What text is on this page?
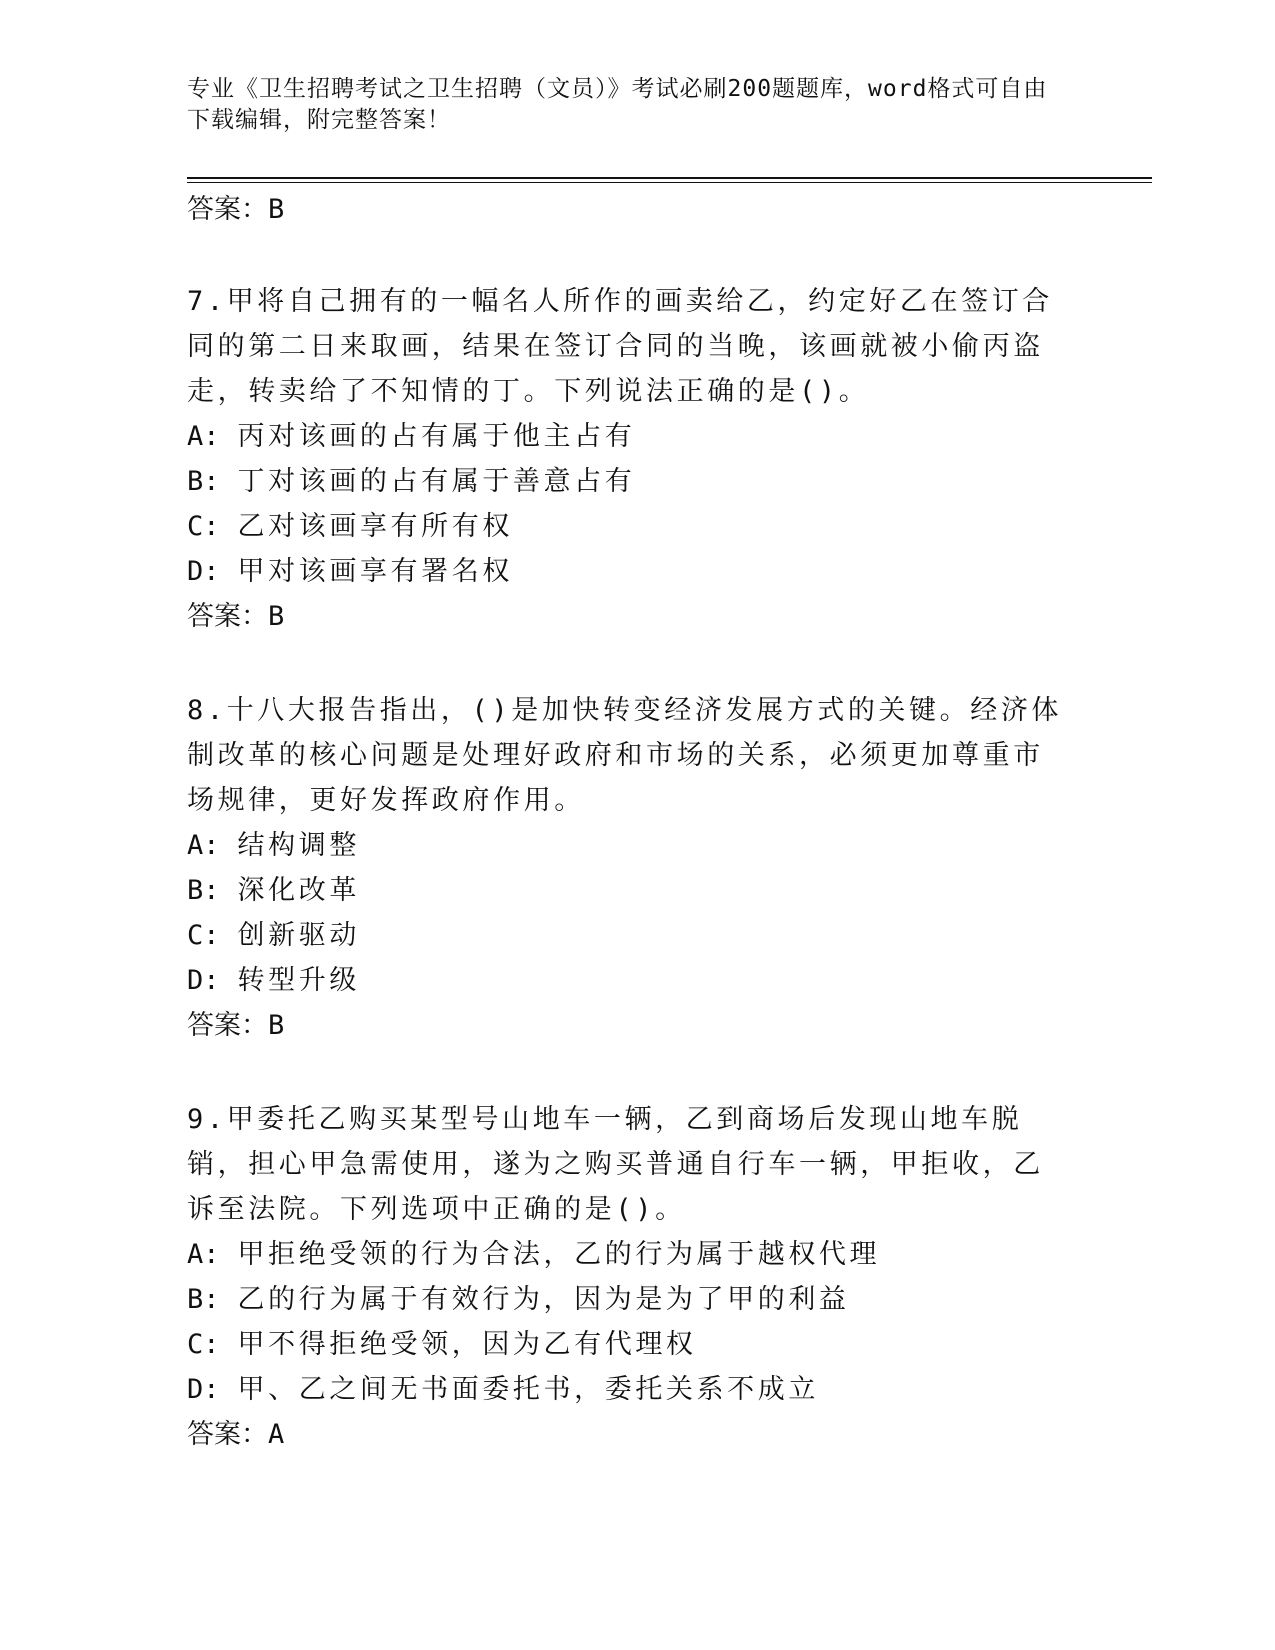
专业《卫生招聘考试之卫生招聘（文员）》考试必刷200题题库，word格式可自由下载编辑，附完整答案！
答案：B

7.甲将自己拥有的一幅名人所作的画卖给乙，约定好乙在签订合同的第二日来取画，结果在签订合同的当晚，该画就被小偷丙盗走，转卖给了不知情的丁。下列说法正确的是()。

A: 丙对该画的占有属于他主占有

B: 丁对该画的占有属于善意占有

C: 乙对该画享有所有权

D: 甲对该画享有署名权

答案：B

8.十八大报告指出，()是加快转变经济发展方式的关键。经济体制改革的核心问题是处理好政府和市场的关系，必须更加尊重市场规律，更好发挥政府作用。

A: 结构调整

B: 深化改革

C: 创新驱动

D: 转型升级

答案：B

9.甲委托乙购买某型号山地车一辆，乙到商场后发现山地车脱销，担心甲急需使用，遂为之购买普通自行车一辆，甲拒收，乙诉至法院。下列选项中正确的是()。

A: 甲拒绝受领的行为合法，乙的行为属于越权代理

B: 乙的行为属于有效行为，因为是为了甲的利益

C: 甲不得拒绝受领，因为乙有代理权

D: 甲、乙之间无书面委托书，委托关系不成立

答案：A
